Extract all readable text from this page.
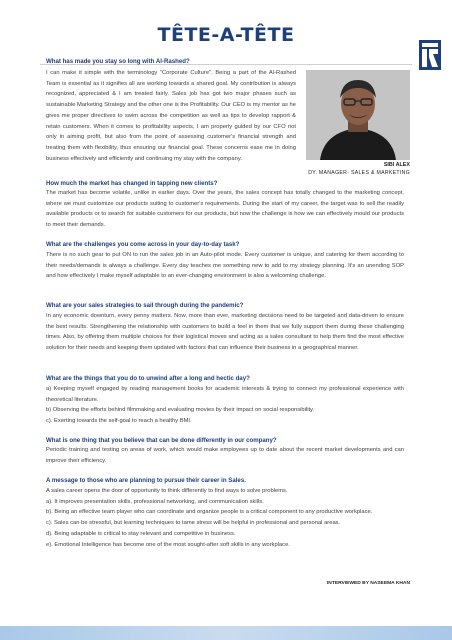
TÊTE-A-TÊTE
What has made you stay so long with Al-Rashed?
I can make it simple with the terminology "Corporate Culture". Being a part of the Al-Rashed Team is essential as it signifies all are working towards a shared goal. My contribution is always recognized, appreciated & I am treated fairly. Sales job has got two major phases such as sustainable Marketing Strategy and the other one is the Profitability. Our CEO is my mentor as he gives me proper directives to swim across the competition as well as tips to develop rapport & retain customers. When it comes to profitability aspects, I am properly guided by our CFO not only in aiming profit, but also from the point of assessing customer's financial strength and treating them with flexibility, thus ensuring our financial goal. These concerns ease me in doing business effectively and efficiently and continuing my stay with the company.
SIBI ALEX
DY. MANAGER- SALES & MARKETING
How much the market has changed in tapping new clients?
The market has become volatile, unlike in earlier days. Over the years, the sales concept has totally changed to the marketing concept, where we must customize our products suiting to customer's requirements. During the start of my career, the target was to sell the readily available products or to search for suitable customers for our products, but now the challenge is how we can effectively mould our products to meet their demands.
What are the challenges you come across in your day-to-day task?
There is no such gear to put ON to run the sales job in an Auto-pilot mode. Every customer is unique, and catering for them according to their needs/demands is always a challenge. Every day teaches me something new to add to my strategy planning. It's an unending SOP and how effectively I make myself adaptable to an ever-changing environment is also a welcoming challenge.
What are your sales strategies to sail through during the pandemic?
In any economic downturn, every penny matters. Now, more than ever, marketing decisions need to be targeted and data-driven to ensure the best results. Strengthening the relationship with customers to build a feel in them that we fully support them during these challenging times. Also, by offering them multiple choices for their logistical moves and acting as a sales consultant to help them find the most effective solution for their needs and keeping them updated with factors that can influence their business in a geographical manner.
What are the things that you do to unwind after a long and hectic day?
a) Keeping myself engaged by reading management books for academic interests & trying to connect my professional experience with theoretical literature.
b) Observing the efforts behind filmmaking and evaluating movies by their impact on social responsibility.
c). Exerting towards the self-goal to reach a healthy BMI.
What is one thing that you believe that can be done differently in our company?
Periodic training and testing on areas of work, which would make employees up to date about the recent market developments and can improve their efficiency.
A message to those who are planning to pursue their career in Sales.
A sales career opens the door of opportunity to think differently to find ways to solve problems.
a). It improves presentation skills, professional networking, and communication skills.
b). Being an effective team player who can coordinate and organize people is a critical component to any productive workplace.
c). Sales can be stressful, but learning techniques to tame stress will be helpful in professional and personal areas.
d). Being adaptable is critical to stay relevant and competitive in business.
e). Emotional Intelligence has become one of the most sought-after soft skills in any workplace.
INTERVIEWED BY NASEEMA KHAN
